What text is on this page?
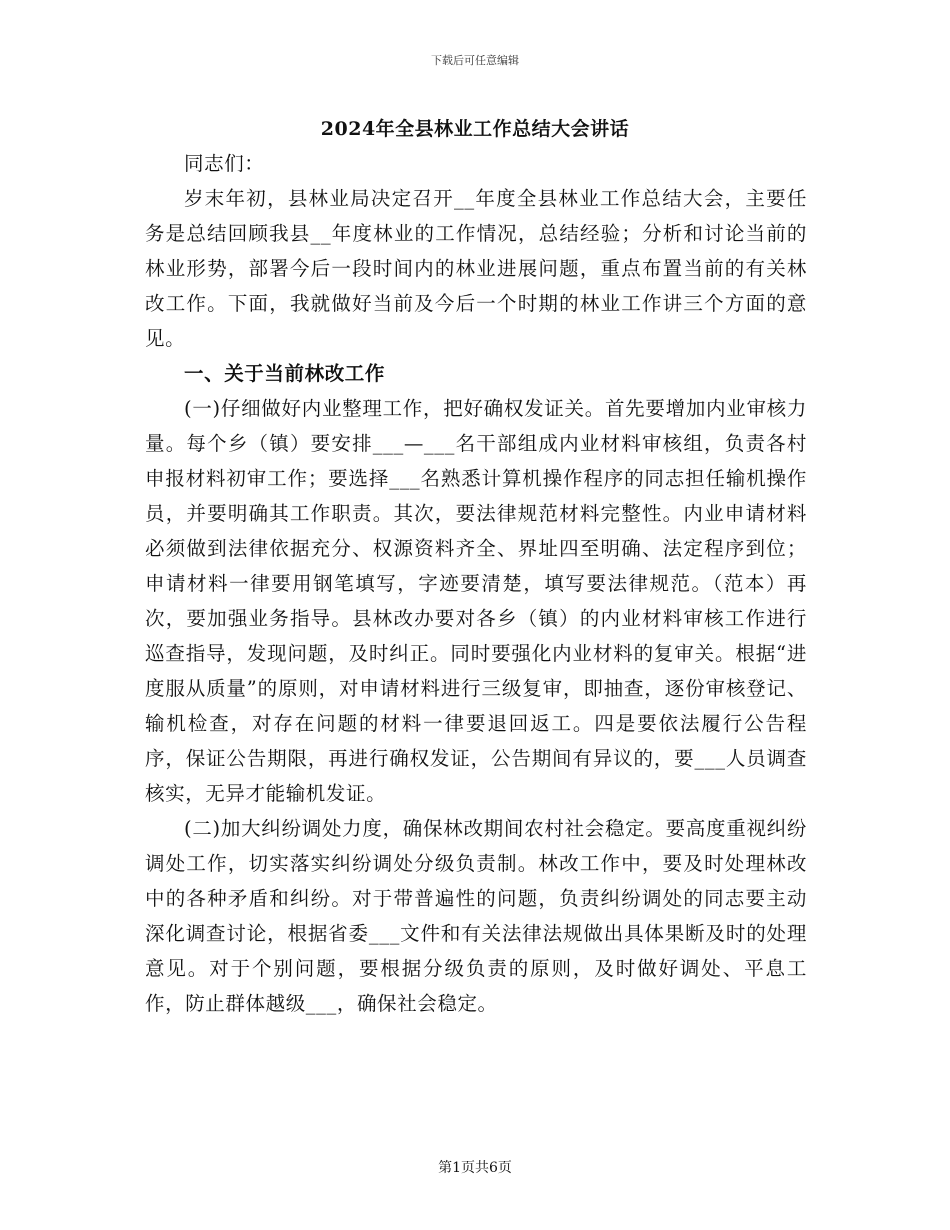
下载后可任意编辑
2024年全县林业工作总结大会讲话

同志们：

岁末年初，县林业局决定召开__年度全县林业工作总结大会，主要任务是总结回顾我县__年度林业的工作情况，总结经验；分析和讨论当前的林业形势，部署今后一段时间内的林业进展问题，重点布置当前的有关林改工作。下面，我就做好当前及今后一个时期的林业工作讲三个方面的意见。

一、关于当前林改工作

(一)仔细做好内业整理工作，把好确权发证关。首先要增加内业审核力量。每个乡（镇）要安排___—___名干部组成内业材料审核组，负责各村申报材料初审工作；要选择___名熟悉计算机操作程序的同志担任输机操作员，并要明确其工作职责。其次，要法律规范材料完整性。内业申请材料必须做到法律依据充分、权源资料齐全、界址四至明确、法定程序到位；申请材料一律要用钢笔填写，字迹要清楚，填写要法律规范。（范本）再次，要加强业务指导。县林改办要对各乡（镇）的内业材料审核工作进行巡查指导，发现问题，及时纠正。同时要强化内业材料的复审关。根据“进度服从质量”的原则，对申请材料进行三级复审，即抽查，逐份审核登记、输机检查，对存在问题的材料一律要退回返工。四是要依法履行公告程序，保证公告期限，再进行确权发证，公告期间有异议的，要___人员调查核实，无异才能输机发证。

(二)加大纠纷调处力度，确保林改期间农村社会稳定。要高度重视纠纷调处工作，切实落实纠纷调处分级负责制。林改工作中，要及时处理林改中的各种矛盾和纠纷。对于带普遍性的问题，负责纠纷调处的同志要主动深化调查讨论，根据省委___文件和有关法律法规做出具体果断及时的处理意见。对于个别问题，要根据分级负责的原则，及时做好调处、平息工作，防止群体越级___，确保社会稳定。

第1页共6页
